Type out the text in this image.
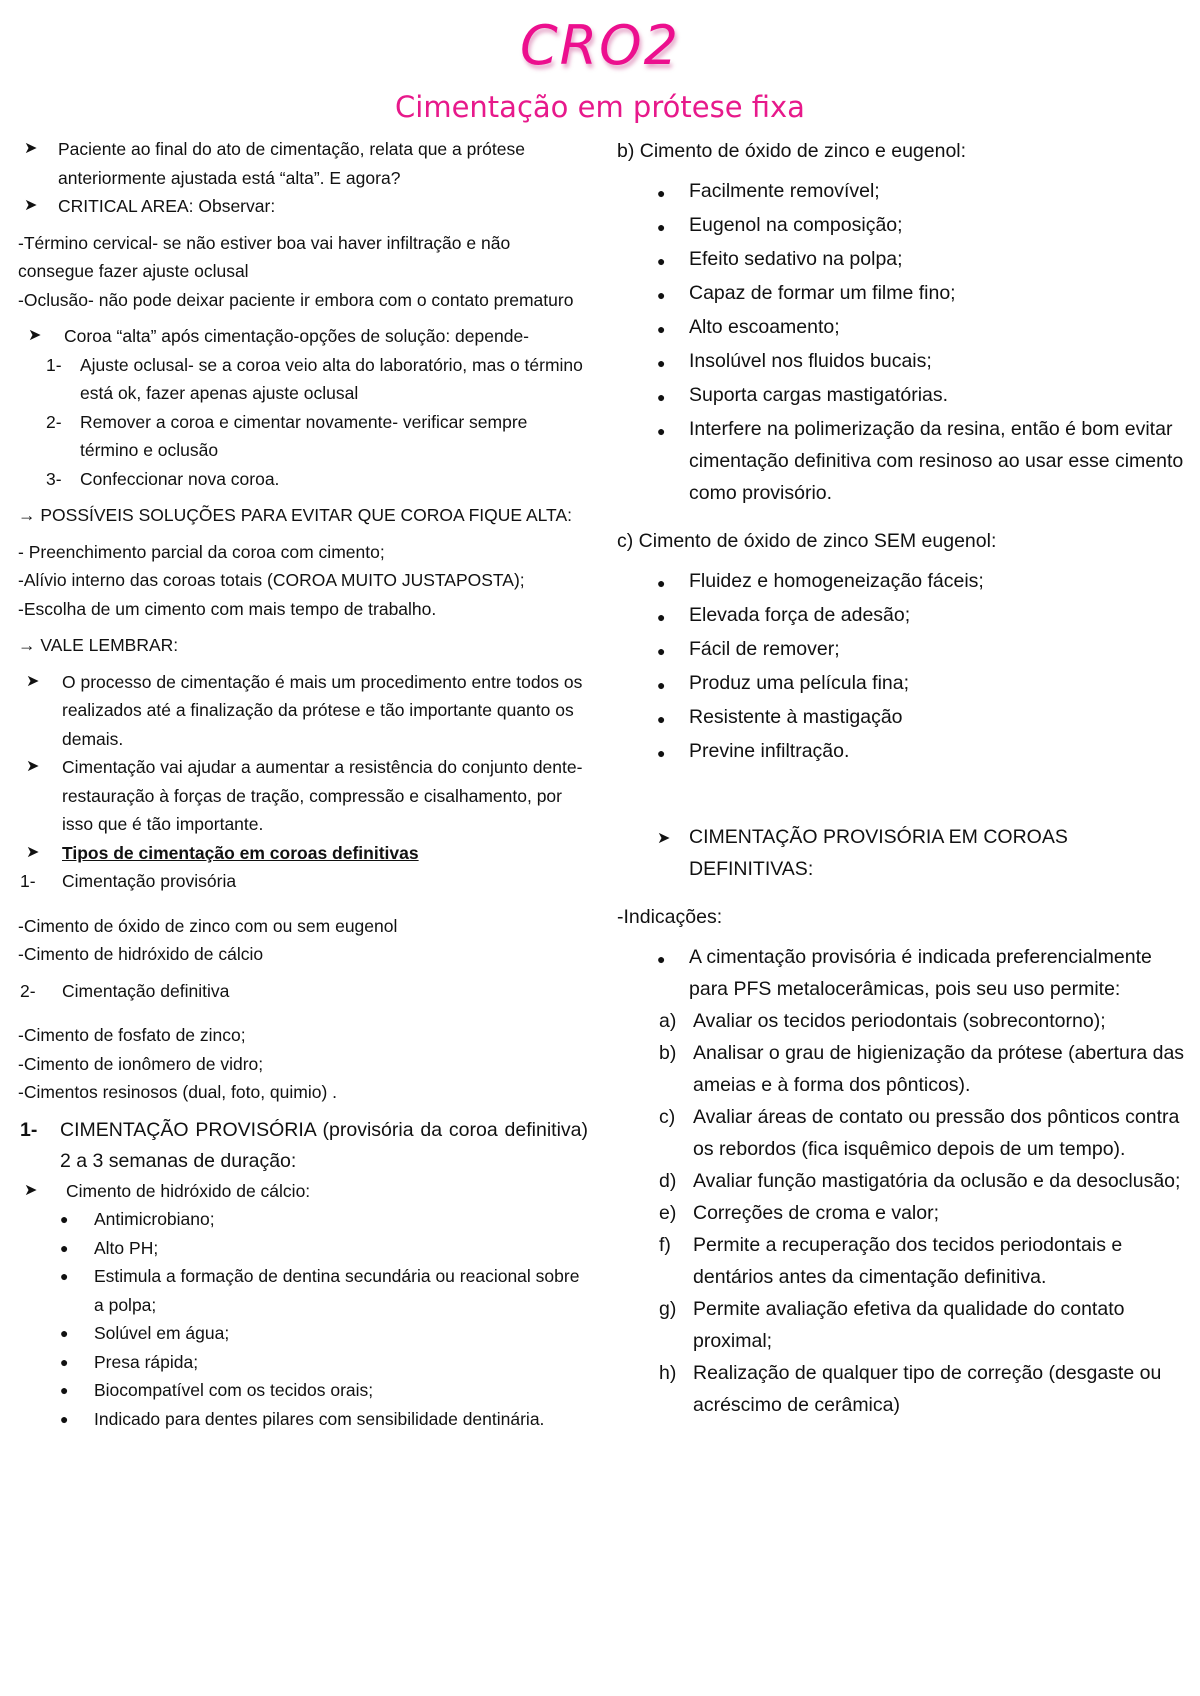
CRO2
Cimentação em prótese fixa
➤	Paciente ao final do ato de cimentação, relata que a prótese anteriormente ajustada está “alta”. E agora?
➤	CRITICAL AREA: Observar:

-Término cervical- se não estiver boa vai haver infiltração e não consegue fazer ajuste oclusal

-Oclusão- não pode deixar paciente ir embora com o contato prematuro

➤	Coroa “alta” após cimentação-opções de solução: depende-
1-	Ajuste oclusal- se a coroa veio alta do laboratório, mas o término está ok, fazer apenas ajuste oclusal
2-	Remover a coroa e cimentar novamente- verificar sempre término e oclusão
3-	Confeccionar nova coroa.

→ POSSÍVEIS SOLUÇÕES PARA EVITAR QUE COROA FIQUE ALTA:

- Preenchimento parcial da coroa com cimento;

-Alívio interno das coroas totais (COROA MUITO JUSTAPOSTA);

-Escolha de um cimento com mais tempo de trabalho.

→ VALE LEMBRAR:

➤	O processo de cimentação é mais um procedimento entre todos os realizados até a finalização da prótese e tão importante quanto os demais.
➤	Cimentação vai ajudar a aumentar a resistência do conjunto dente-restauração à forças de tração, compressão e cisalhamento, por isso que é tão importante.
➤	Tipos de cimentação em coroas definitivas
1-	Cimentação provisória

-Cimento de óxido de zinco com ou sem eugenol

-Cimento de hidróxido de cálcio

2-	Cimentação definitiva

-Cimento de fosfato de zinco;

-Cimento de ionômero de vidro;

-Cimentos resinosos (dual, foto, quimio) .

1-	CIMENTAÇÃO PROVISÓRIA (provisória da coroa definitiva) 2 a 3 semanas de duração:
➤	Cimento de hidróxido de cálcio:
●	Antimicrobiano;
●	Alto PH;
●	Estimula a formação de dentina secundária ou reacional sobre a polpa;
●	Solúvel em água;
●	Presa rápida;
●	Biocompatível com os tecidos orais;
●	Indicado para dentes pilares com sensibilidade dentinária.

b) Cimento de óxido de zinco e eugenol:

●	Facilmente removível;
●	Eugenol na composição;
●	Efeito sedativo na polpa;
●	Capaz de formar um filme fino;
●	Alto escoamento;
●	Insolúvel nos fluidos bucais;
●	Suporta cargas mastigatórias.
●	Interfere na polimerização da resina, então é bom evitar cimentação definitiva com resinoso ao usar esse cimento como provisório.

c) Cimento de óxido de zinco SEM eugenol:

●	Fluidez e homogeneização fáceis;
●	Elevada força de adesão;
●	Fácil de remover;
●	Produz uma película fina;
●	Resistente à mastigação
●	Previne infiltração.
➤ CIMENTAÇÃO PROVISÓRIA EM COROAS DEFINITIVAS:

-Indicações:

●	A cimentação provisória é indicada preferencialmente para PFS metalocerâmicas, pois seu uso permite:
a) Avaliar os tecidos periodontais (sobrecontorno);
b) Analisar o grau de higienização da prótese (abertura das ameias e à forma dos pônticos).
c) Avaliar áreas de contato ou pressão dos pônticos contra os rebordos (fica isquêmico depois de um tempo).
d) Avaliar função mastigatória da oclusão e da desoclusão;
e) Correções de croma e valor;
f)	Permite a recuperação dos tecidos periodontais e dentários antes da cimentação definitiva.
g) Permite avaliação efetiva da qualidade do contato proximal;
h) Realização de qualquer tipo de correção (desgaste ou acréscimo de cerâmica)
